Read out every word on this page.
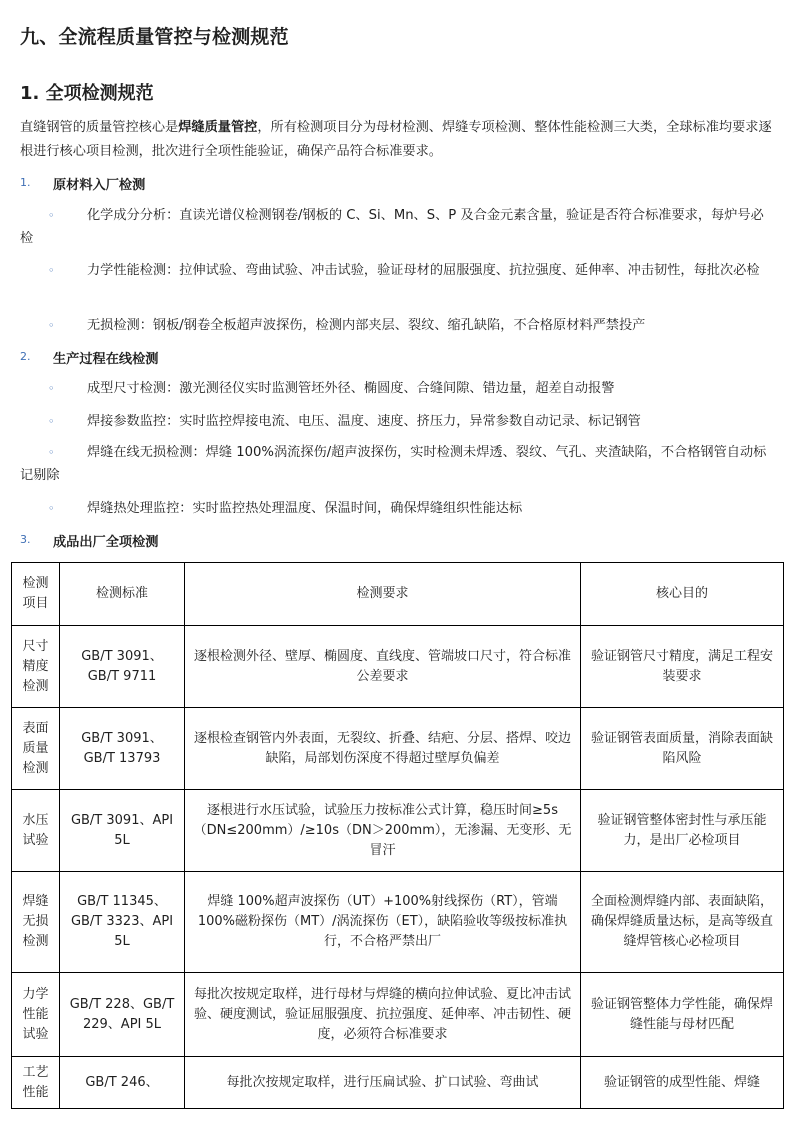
九、全流程质量管控与检测规范
1. 全项检测规范
直缝钢管的质量管控核心是焊缝质量管控，所有检测项目分为母材检测、焊缝专项检测、整体性能检测三大类，全球标准均要求逐根进行核心项目检测，批次进行全项性能验证，确保产品符合标准要求。
1.	原材料入厂检测
◦	化学成分分析：直读光谱仪检测钢卷/钢板的 C、Si、Mn、S、P 及合金元素含量，验证是否符合标准要求，每炉号必检
◦	力学性能检测：拉伸试验、弯曲试验、冲击试验，验证母材的屈服强度、抗拉强度、延伸率、冲击韧性，每批次必检
◦	无损检测：钢板/钢卷全板超声波探伤，检测内部夹层、裂纹、缩孔缺陷，不合格原材料严禁投产
2.	生产过程在线检测
◦	成型尺寸检测：激光测径仪实时监测管坯外径、椭圆度、合缝间隙、错边量，超差自动报警
◦	焊接参数监控：实时监控焊接电流、电压、温度、速度、挤压力，异常参数自动记录、标记钢管
◦	焊缝在线无损检测：焊缝 100%涡流探伤/超声波探伤，实时检测未焊透、裂纹、气孔、夹渣缺陷，不合格钢管自动标记剔除
◦	焊缝热处理监控：实时监控热处理温度、保温时间，确保焊缝组织性能达标
3.	成品出厂全项检测
检测项目	检测标准	检测要求	核心目的
尺寸精度检测	GB/T 3091、GB/T 9711	逐根检测外径、壁厚、椭圆度、直线度、管端坡口尺寸，符合标准公差要求	验证钢管尺寸精度，满足工程安装要求
表面质量检测	GB/T 3091、GB/T 13793	逐根检查钢管内外表面，无裂纹、折叠、结疤、分层、搭焊、咬边缺陷，局部划伤深度不得超过壁厚负偏差	验证钢管表面质量，消除表面缺陷风险
水压试验	GB/T 3091、API 5L	逐根进行水压试验，试验压力按标准公式计算，稳压时间≥5s（DN≤200mm）/≥10s（DN＞200mm），无渗漏、无变形、无冒汗	验证钢管整体密封性与承压能力，是出厂必检项目
焊缝无损检测	GB/T 11345、GB/T 3323、API 5L	焊缝 100%超声波探伤（UT）+100%射线探伤（RT），管端 100%磁粉探伤（MT）/涡流探伤（ET），缺陷验收等级按标准执行，不合格严禁出厂	全面检测焊缝内部、表面缺陷，确保焊缝质量达标，是高等级直缝焊管核心必检项目
力学性能试验	GB/T 228、GB/T 229、API 5L	每批次按规定取样，进行母材与焊缝的横向拉伸试验、夏比冲击试验、硬度测试，验证屈服强度、抗拉强度、延伸率、冲击韧性、硬度，必须符合标准要求	验证钢管整体力学性能，确保焊缝性能与母材匹配
工艺性能	GB/T 246、	每批次按规定取样，进行压扁试验、扩口试验、弯曲试	验证钢管的成型性能、焊缝
